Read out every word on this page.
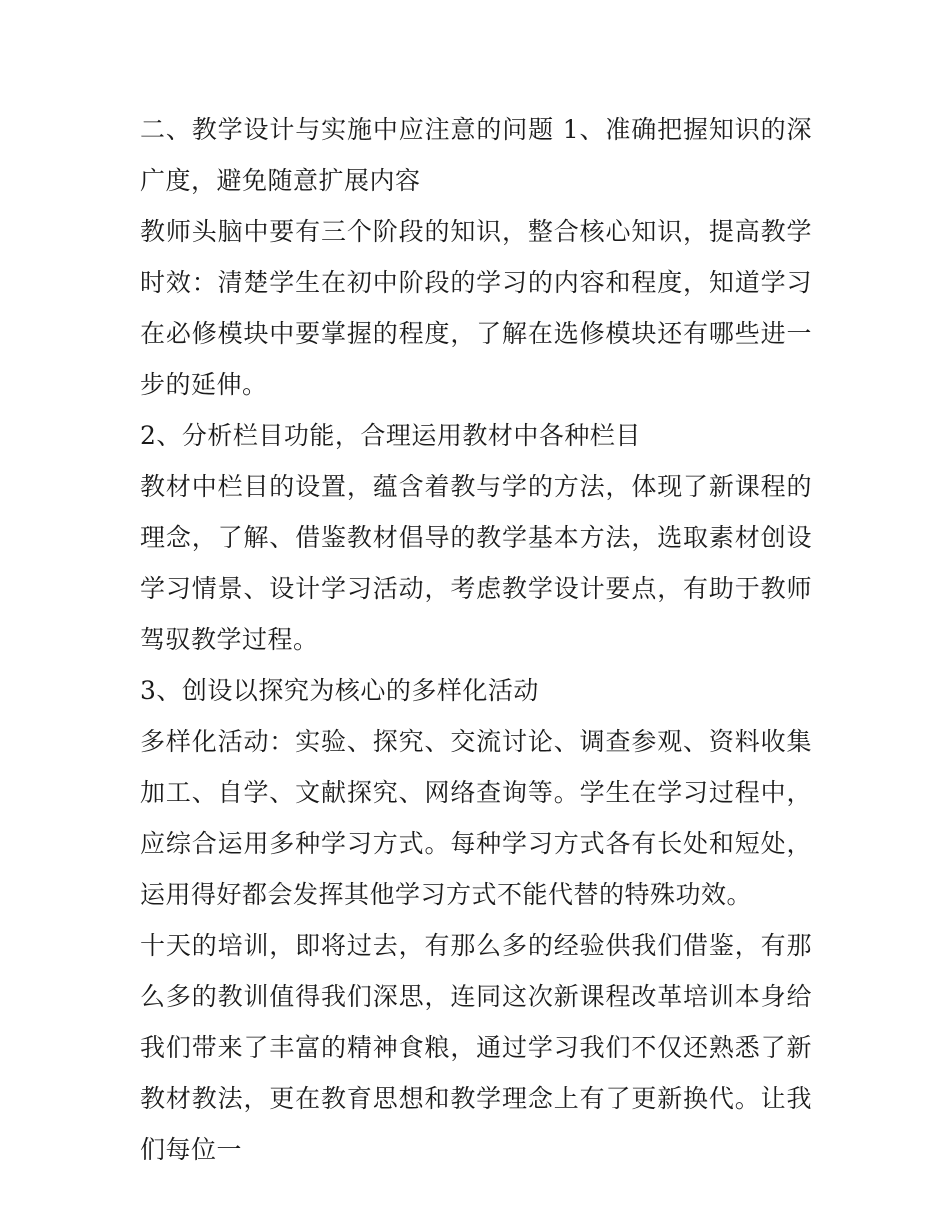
二、教学设计与实施中应注意的问题 1、准确把握知识的深广度，避免随意扩展内容

教师头脑中要有三个阶段的知识，整合核心知识，提高教学时效：清楚学生在初中阶段的学习的内容和程度，知道学习在必修模块中要掌握的程度，了解在选修模块还有哪些进一步的延伸。

2、分析栏目功能，合理运用教材中各种栏目

教材中栏目的设置，蕴含着教与学的方法，体现了新课程的理念，了解、借鉴教材倡导的教学基本方法，选取素材创设学习情景、设计学习活动，考虑教学设计要点，有助于教师驾驭教学过程。

3、创设以探究为核心的多样化活动

多样化活动：实验、探究、交流讨论、调查参观、资料收集加工、自学、文献探究、网络查询等。学生在学习过程中，应综合运用多种学习方式。每种学习方式各有长处和短处，运用得好都会发挥其他学习方式不能代替的特殊功效。

十天的培训，即将过去，有那么多的经验供我们借鉴，有那么多的教训值得我们深思，连同这次新课程改革培训本身给我们带来了丰富的精神食粮，通过学习我们不仅还熟悉了新教材教法，更在教育思想和教学理念上有了更新换代。让我们每位一
